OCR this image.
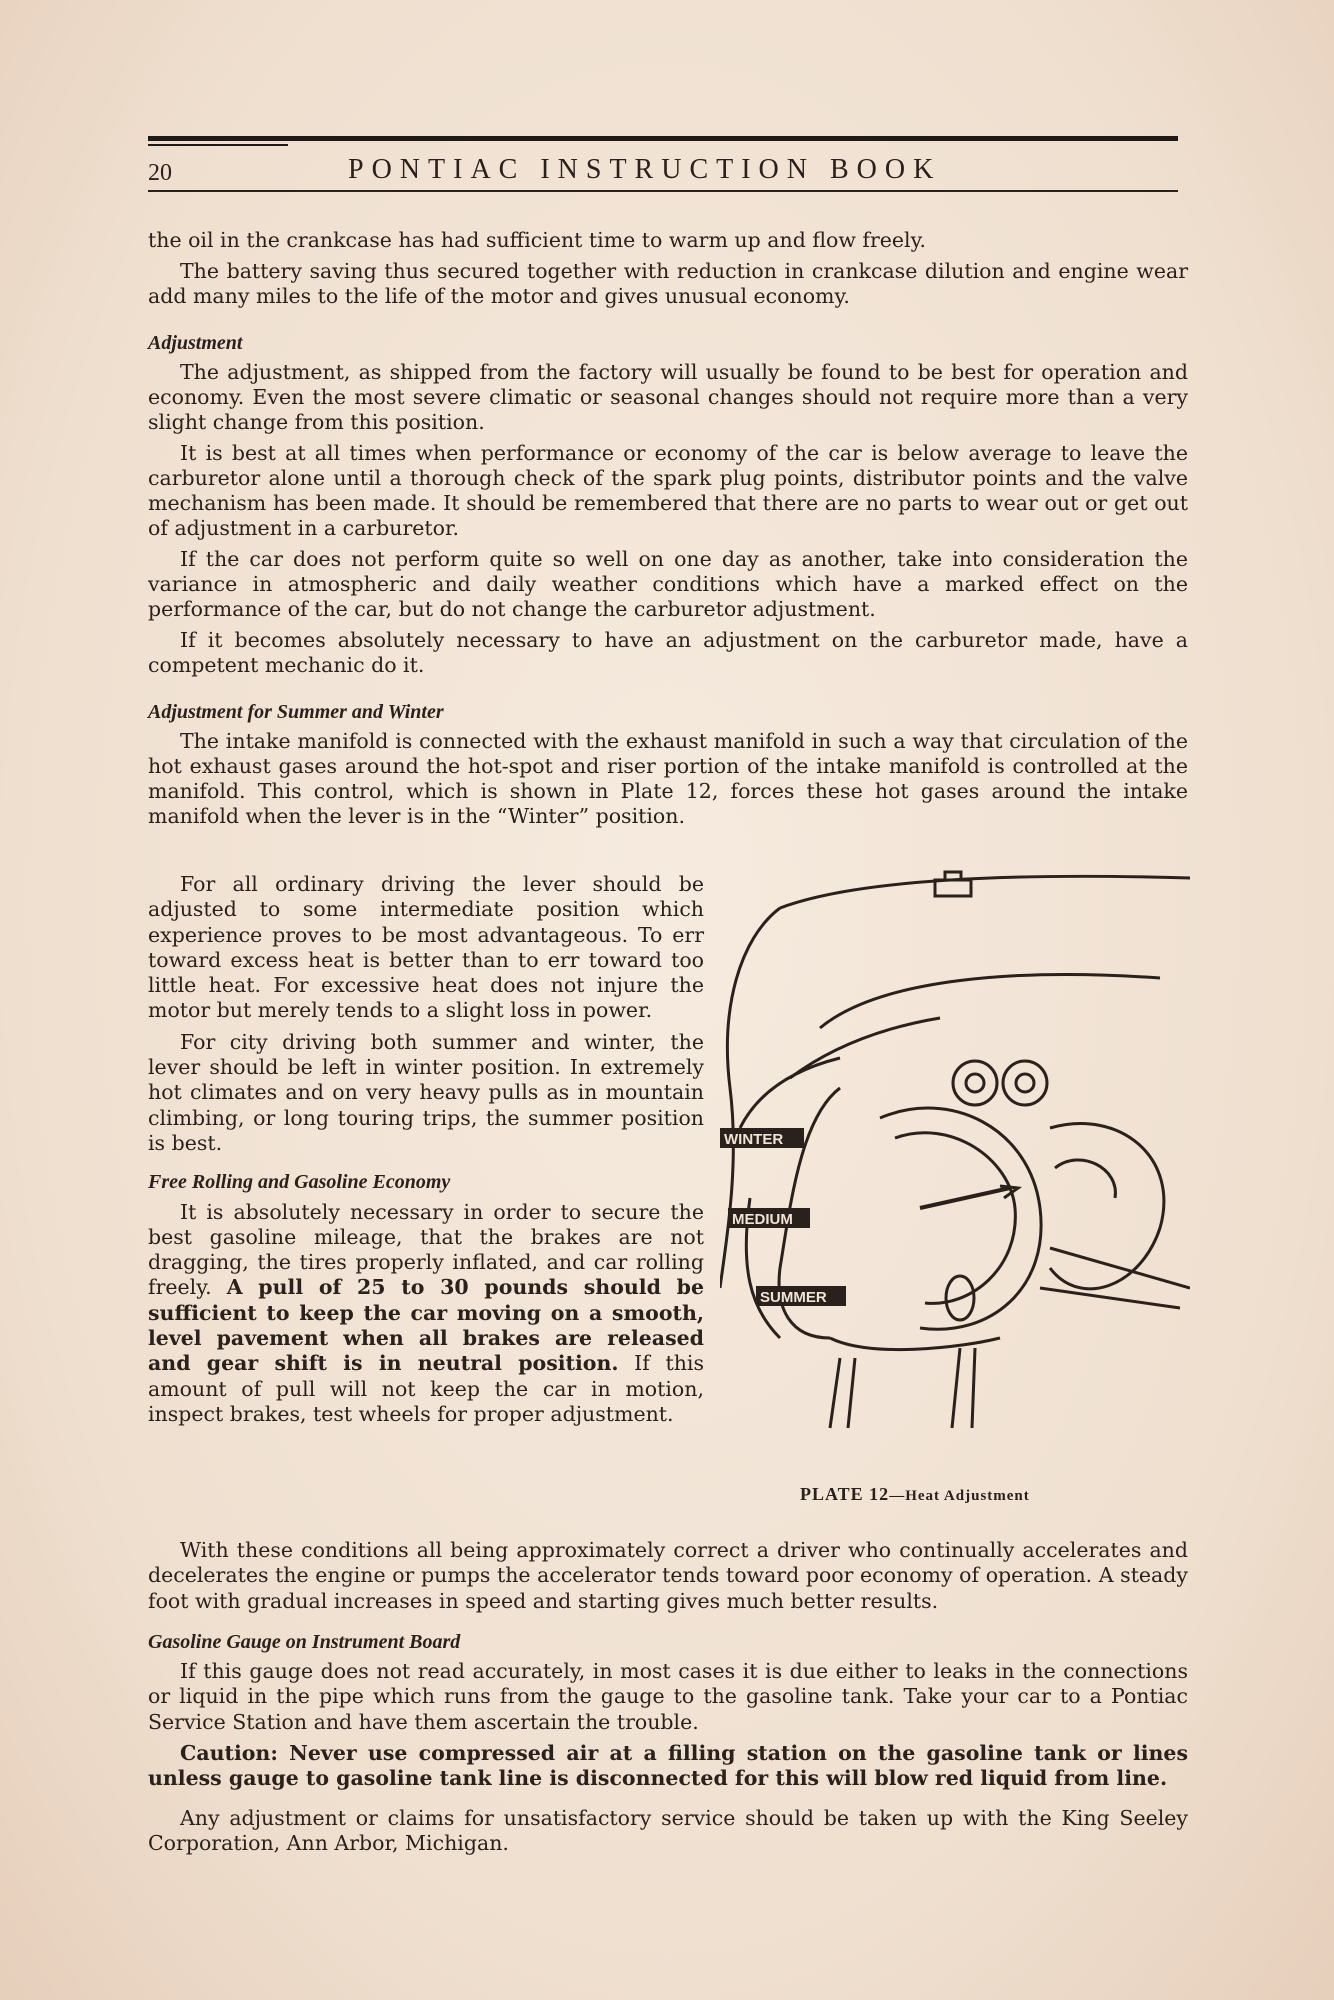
20	PONTIAC INSTRUCTION BOOK

the oil in the crankcase has had sufficient time to warm up and flow freely.

The battery saving thus secured together with reduction in crankcase dilution and engine wear add many miles to the life of the motor and gives unusual economy.

Adjustment

The adjustment, as shipped from the factory will usually be found to be best for operation and economy. Even the most severe climatic or seasonal changes should not require more than a very slight change from this position.

It is best at all times when performance or economy of the car is below average to leave the carburetor alone until a thorough check of the spark plug points, distributor points and the valve mechanism has been made. It should be remembered that there are no parts to wear out or get out of adjustment in a carburetor.

If the car does not perform quite so well on one day as another, take into consideration the variance in atmospheric and daily weather conditions which have a marked effect on the performance of the car, but do not change the carburetor adjustment.

If it becomes absolutely necessary to have an adjustment on the carburetor made, have a competent mechanic do it.

Adjustment for Summer and Winter

The intake manifold is connected with the exhaust manifold in such a way that circulation of the hot exhaust gases around the hot-spot and riser portion of the intake manifold is controlled at the manifold. This control, which is shown in Plate 12, forces these hot gases around the intake manifold when the lever is in the “Winter” position.

For all ordinary driving the lever should be adjusted to some intermediate position which experience proves to be most advantageous. To err toward excess heat is better than to err toward too little heat. For excessive heat does not injure the motor but merely tends to a slight loss in power.

For city driving both summer and winter, the lever should be left in winter position. In extremely hot climates and on very heavy pulls as in mountain climbing, or long touring trips, the summer position is best.

Free Rolling and Gasoline Economy

It is absolutely necessary in order to secure the best gasoline mileage, that the brakes are not dragging, the tires properly inflated, and car rolling freely. A pull of 25 to 30 pounds should be sufficient to keep the car moving on a smooth, level pavement when all brakes are released and gear shift is in neutral position. If this amount of pull will not keep the car in motion, inspect brakes, test wheels for proper adjustment.

WINTER
MEDIUM
SUMMER
PLATE 12—Heat Adjustment

With these conditions all being approximately correct a driver who continually accelerates and decelerates the engine or pumps the accelerator tends toward poor economy of operation. A steady foot with gradual increases in speed and starting gives much better results.

Gasoline Gauge on Instrument Board

If this gauge does not read accurately, in most cases it is due either to leaks in the connections or liquid in the pipe which runs from the gauge to the gasoline tank. Take your car to a Pontiac Service Station and have them ascertain the trouble.

Caution: Never use compressed air at a filling station on the gasoline tank or lines unless gauge to gasoline tank line is disconnected for this will blow red liquid from line.

Any adjustment or claims for unsatisfactory service should be taken up with the King Seeley Corporation, Ann Arbor, Michigan.
